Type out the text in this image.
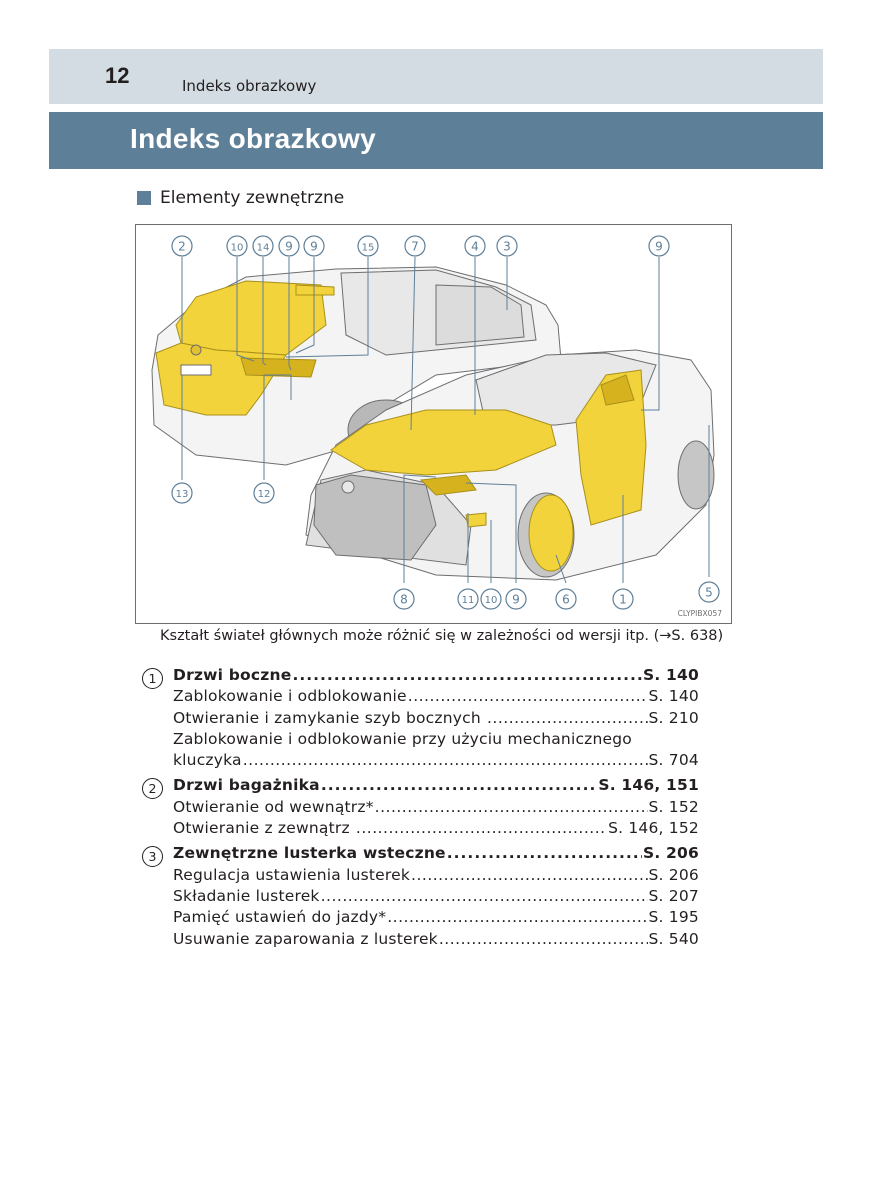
12	Indeks obrazkowy
Indeks obrazkowy
Elementy zewnętrzne
2	10 14 9 9	15	7	4 3	9
13	12
8	11 10 9	6	1	5
CLYPIBX057
Kształt świateł głównych może różnić się w zależności od wersji itp. (→S. 638)
1	Drzwi boczne .....	S. 140
Zablokowanie i odblokowanie .....	S. 140
Otwieranie i zamykanie szyb bocznych .....	S. 210
Zablokowanie i odblokowanie przy użyciu mechanicznego
kluczyka .....	S. 704
2	Drzwi bagażnika .....	S. 146, 151
Otwieranie od wewnątrz* .....	S. 152
Otwieranie z zewnątrz .....	S. 146, 152
3	Zewnętrzne lusterka wsteczne .....	S. 206
Regulacja ustawienia lusterek .....	S. 206
Składanie lusterek .....	S. 207
Pamięć ustawień do jazdy* .....	S. 195
Usuwanie zaparowania z lusterek .....	S. 540
